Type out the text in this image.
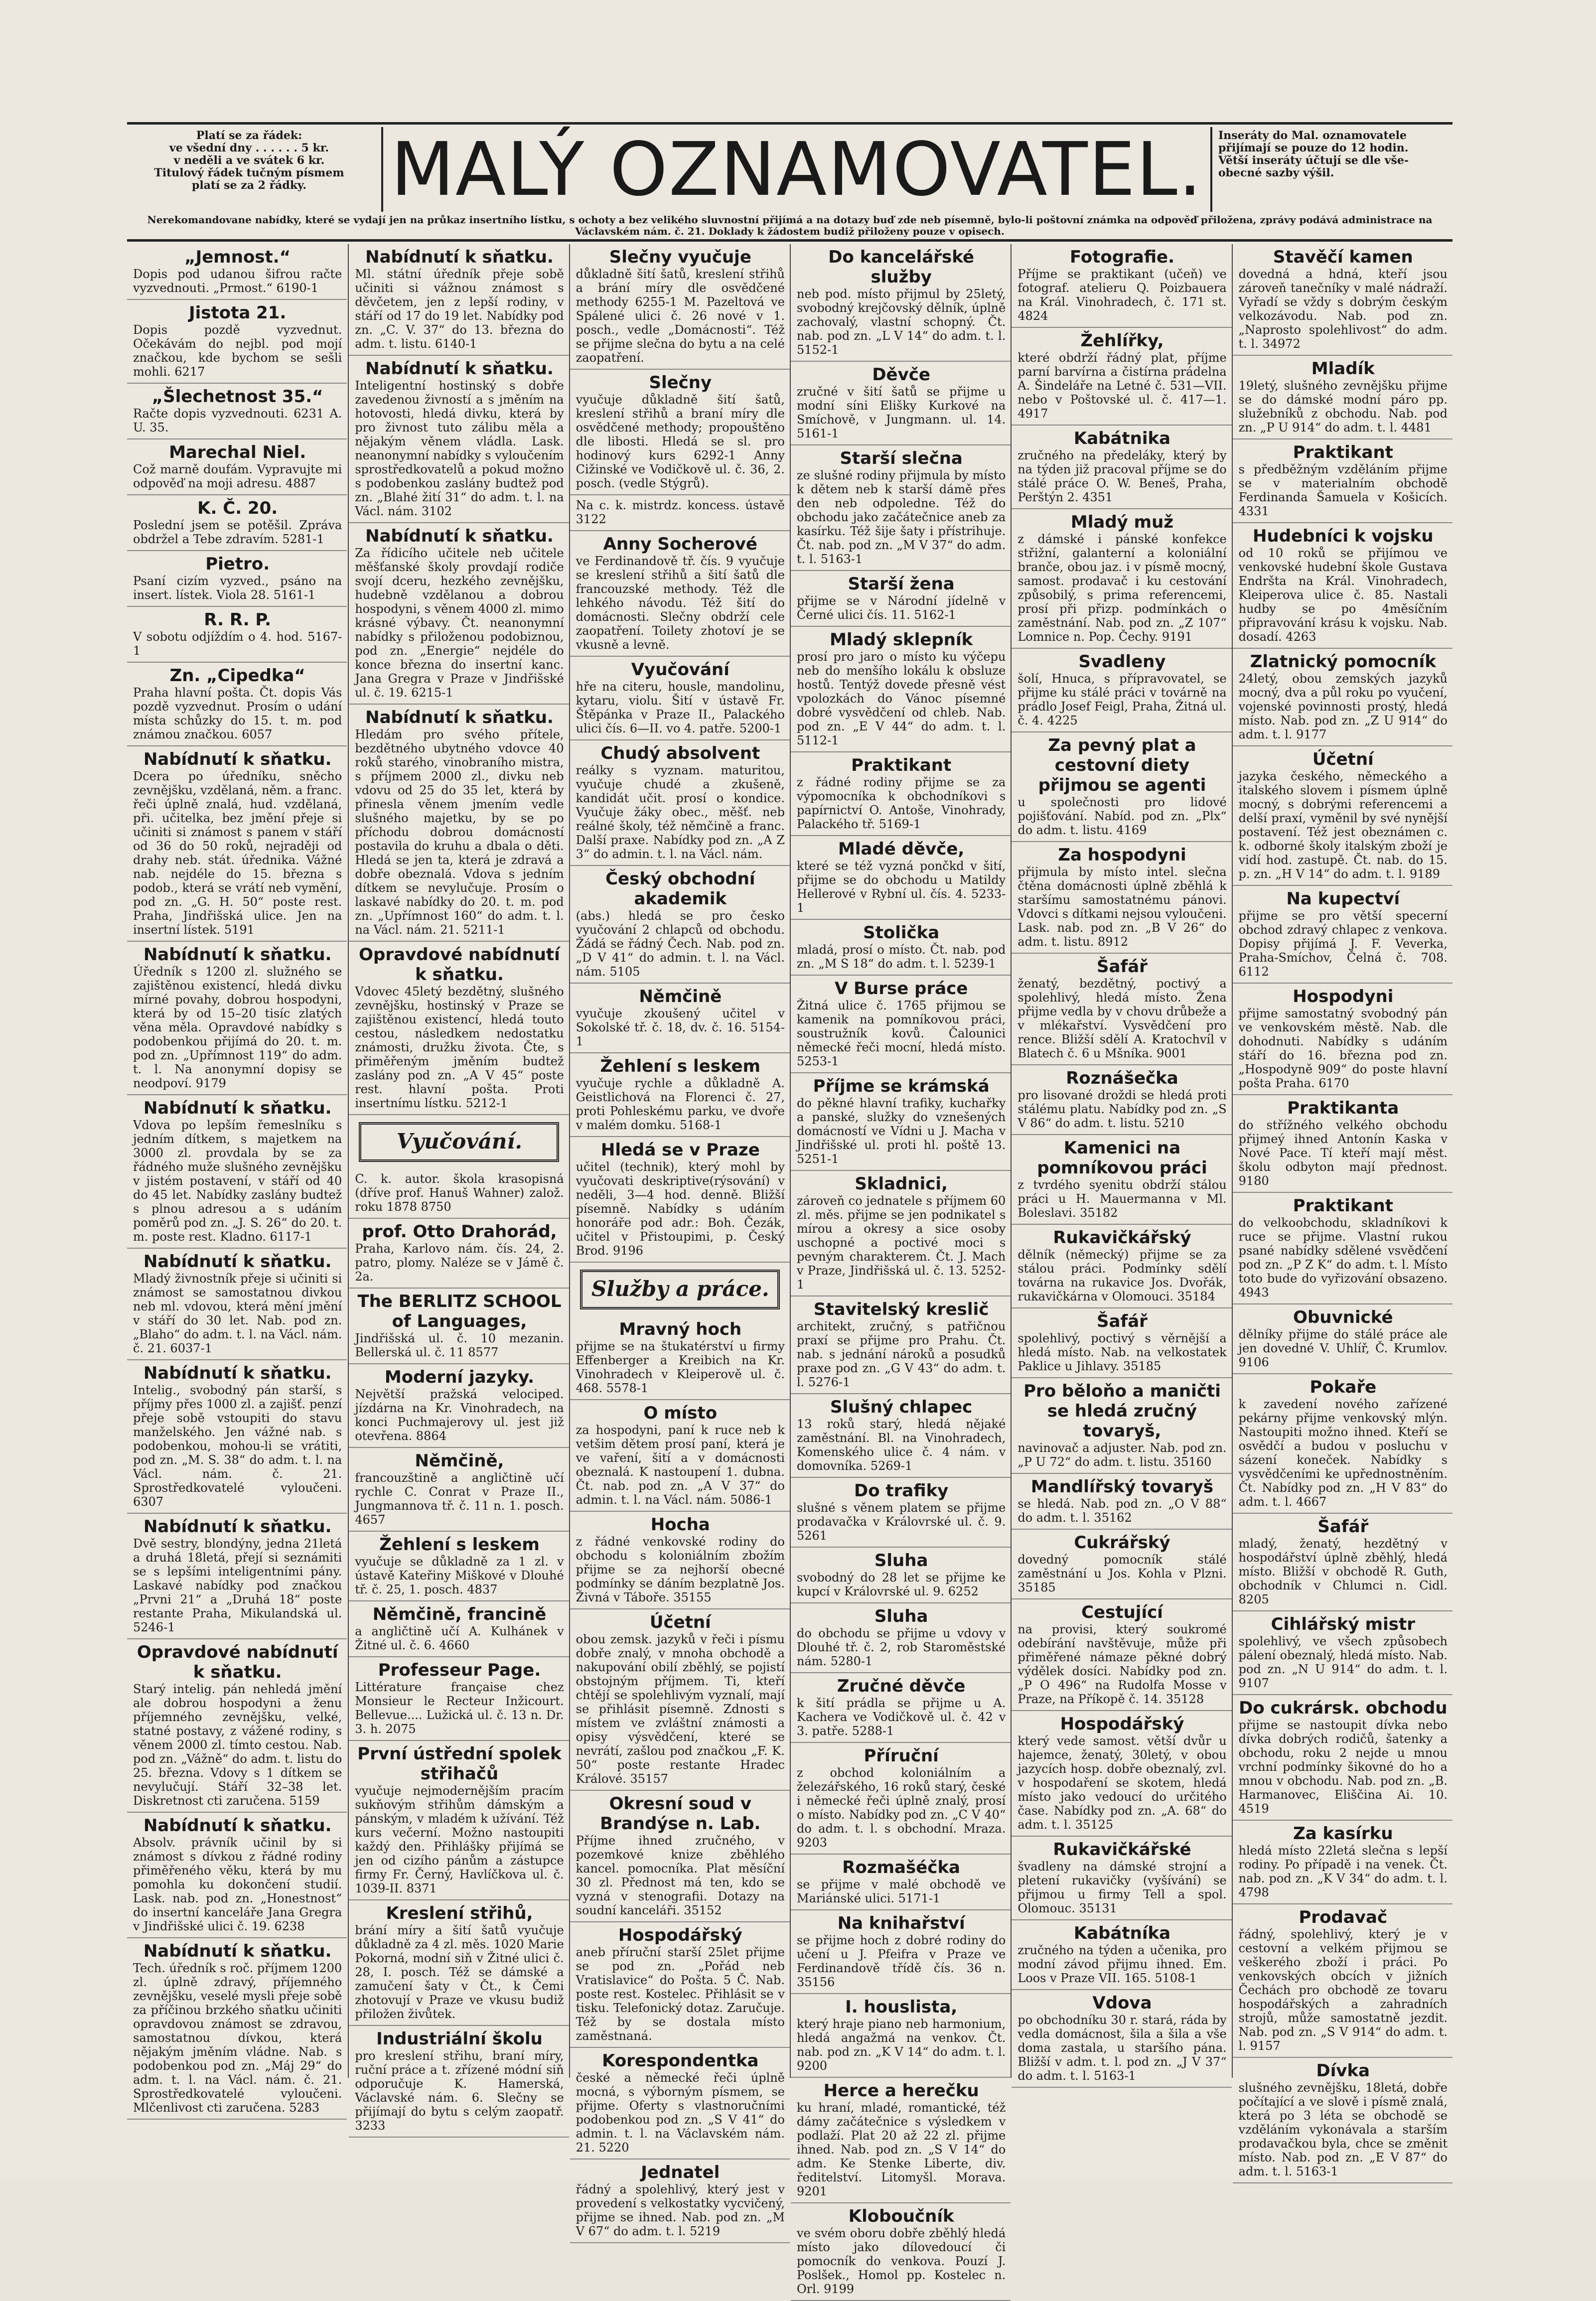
Platí se za řádek:
ve všední dny . . . . . . 5 kr.
v neděli a ve svátek 6 kr.
Titulový řádek tučným písmem
platí se za 2 řádky.	MALÝ OZNAMOVATEL.	Inseráty do Mal. oznamovatele
přijímají se pouze do 12 hodin.
Větší inseráty účtují se dle vše-
obecné sazby výšil.
Nerekomandovane nabídky, které se vydají jen na průkaz insertního lístku, s ochoty a bez velikého sluvnostní přijímá a na dotazy buď zde neb písemně, bylo-li poštovní známka na odpověď přiložena, zprávy podává administrace na Václavském nám. č. 21. Doklady k žádostem budiž přiloženy pouze v opisech.
„Jemnost.“
Dopis pod udanou šifrou račte vyzvednouti. „Prmost.“ 6190-1
Jistota 21.
Dopis pozdě vyzvednut. Očekávám do nejbl. pod mojí značkou, kde bychom se sešli mohli. 6217
„Šlechetnost 35.“
Račte dopis vyzvednouti. 6231 A. U. 35.
Marechal Niel.
Což marně doufám. Vypravujte mi odpověď na moji adresu. 4887
K. Č. 20.
Poslední jsem se potěšil. Zpráva obdržel a Tebe zdravím. 5281-1
Pietro.
Psaní cizím vyzved., psáno na insert. lístek. Viola 28. 5161-1
R. R. P.
V sobotu odjíždím o 4. hod. 5167-1
Zn. „Cipedka“
Praha hlavní pošta. Čt. dopis Vás pozdě vyzvednut. Prosím o udání místa schůzky do 15. t. m. pod známou značkou. 6057
Nabídnutí k sňatku.
Dcera po úředníku, sněcho zevnějšku, vzdělaná, něm. a franc. řeči úplně znalá, hud. vzdělaná, při. učitelka, bez jmění přeje si učiniti si známost s panem v stáří od 36 do 50 roků, nejraději od drahy neb. stát. úřednika. Vážné nab. nejdéle do 15. března s podob., která se vrátí neb vymění, pod zn. „G. H. 50“ poste rest. Praha, Jindřišská ulice. Jen na insertní lístek. 5191
Nabídnutí k sňatku.
Úředník s 1200 zl. služného se zajištěnou existencí, hledá divku mírné povahy, dobrou hospodyni, která by od 15–20 tisíc zlatých věna měla. Opravdové nabídky s podobenkou přijímá do 20. t. m. pod zn. „Upřímnost 119“ do adm. t. l. Na anonymní dopisy se neodpoví. 9179
Nabídnutí k sňatku.
Vdova po lepším řemeslníku s jedním dítkem, s majetkem na 3000 zl. provdala by se za řádného muže slušného zevnějšku v jistém postavení, v stáří od 40 do 45 let. Nabídky zaslány budtež s plnou adresou a s udáním poměrů pod zn. „J. S. 26“ do 20. t. m. poste rest. Kladno. 6117-1
Nabídnutí k sňatku.
Mladý živnostník přeje si učiniti si známost se samostatnou divkou neb ml. vdovou, která mění jmění v stáří do 30 let. Nab. pod zn. „Blaho“ do adm. t. l. na Václ. nám. č. 21. 6037-1
Nabídnutí k sňatku.
Intelig., svobodný pán starší, s příjmy přes 1000 zl. a zajišť. penzí přeje sobě vstoupiti do stavu manželského. Jen vážné nab. s podobenkou, mohou-li se vrátiti, pod zn. „M. S. 38“ do adm. t. l. na Václ. nám. č. 21. Sprostředkovatelé vyloučeni. 6307
Nabídnutí k sňatku.
Dvě sestry, blondýny, jedna 21letá a druhá 18letá, přejí si seznámiti se s lepšími inteligentními pány. Laskavé nabídky pod značkou „Prvni 21“ a „Druhá 18“ poste restante Praha, Mikulandská ul. 5246-1
Opravdové nabídnutí k sňatku.
Starý intelig. pán nehledá jmění ale dobrou hospodyni a ženu příjemného zevnějšku, velké, statné postavy, z vážené rodiny, s věnem 2000 zl. tímto cestou. Nab. pod zn. „Vážně“ do adm. t. listu do 25. března. Vdovy s 1 dítkem se nevylučují. Stáří 32–38 let. Diskretnost cti zaručena. 5159
Nabídnutí k sňatku.
Absolv. právník učinil by si známost s dívkou z řádné rodiny přiměřeného věku, která by mu pomohla ku dokončení studií. Lask. nab. pod zn. „Honestnost“ do insertní kanceláře Jana Gregra v Jindřišské ulici č. 19. 6238
Nabídnutí k sňatku.
Tech. úředník s roč. příjmem 1200 zl. úplně zdravý, příjemného zevnějšku, veselé mysli přeje sobě za příčinou brzkého sňatku učiniti opravdovou známost se zdravou, samostatnou dívkou, která nějakým jměním vládne. Nab. s podobenkou pod zn. „Máj 29“ do adm. t. l. na Václ. nám. č. 21. Sprostředkovatelé vyloučeni. Mlčenlivost cti zaručena. 5283
Nabídnutí k sňatku.
Ml. státní úředník přeje sobě učiniti si vážnou známost s děvčetem, jen z lepší rodiny, v stáří od 17 do 19 let. Nabídky pod zn. „C. V. 37“ do 13. března do adm. t. listu. 6140-1
Nabídnutí k sňatku.
Inteligentní hostinský s dobře zavedenou živností a s jměním na hotovosti, hledá divku, která by pro živnost tuto zálibu měla a nějakým věnem vládla. Lask. neanonymní nabídky s vyloučením sprostředkovatelů a pokud možno s podobenkou zaslány budtež pod zn. „Blahé žití 31“ do adm. t. l. na Václ. nám. 3102
Nabídnutí k sňatku.
Za řídicího učitele neb učitele měšťanské školy provdají rodiče svojí dceru, hezkého zevnějšku, hudebně vzdělanou a dobrou hospodyni, s věnem 4000 zl. mimo krásné výbavy. Čt. neanonymní nabídky s přiloženou podobiznou, pod zn. „Energie“ nejdéle do konce března do insertní kanc. Jana Gregra v Praze v Jindřišské ul. č. 19. 6215-1
Nabídnutí k sňatku.
Hledám pro svého přítele, bezdětného ubytného vdovce 40 roků starého, vinobraního mistra, s příjmem 2000 zl., divku neb vdovu od 25 do 35 let, která by přinesla věnem jmením vedle slušného majetku, by se po příchodu dobrou domácností postavila do kruhu a dbala o děti. Hledá se jen ta, která je zdravá a dobře obeznalá. Vdova s jedním dítkem se nevylučuje. Prosím o laskavé nabídky do 20. t. m. pod zn. „Upřímnost 160“ do adm. t. l. na Václ. nám. 21. 5211-1
Opravdové nabídnutí k sňatku.
Vdovec 45letý bezdětný, slušného zevnějšku, hostinský v Praze se zajištěnou existencí, hledá touto cestou, následkem nedostatku známosti, družku života. Čte, s přiměřeným jměním budtež zaslány pod zn. „A V 45“ poste rest. hlavní pošta. Proti insertnímu lístku. 5212-1
Vyučování.
C. k. autor. škola krasopisná (dříve prof. Hanuš Wahner) založ. roku 1878 8750
prof. Otto Drahorád,
Praha, Karlovo nám. čís. 24, 2. patro, plomy. Naléze se v Jámě č. 2a.
The BERLITZ SCHOOL of Languages,
Jindřišská ul. č. 10 mezanin. Bellerská ul. č. 11 8577
Moderní jazyky.
Největší pražská velociped. jízdárna na Kr. Vinohradech, na konci Puchmajerovy ul. jest již otevřena. 8864
Němčině,
francouzštině a angličtině učí rychle C. Conrat v Praze II., Jungmannova tř. č. 11 n. 1. posch. 4657
Žehlení s leskem
vyučuje se důkladně za 1 zl. v ústavě Kateřiny Miškové v Dlouhé tř. č. 25, 1. posch. 4837
Němčině, francině
a angličtině učí A. Kulhánek v Žitné ul. č. 6. 4660
Professeur Page.
Littérature française chez Monsieur le Recteur Inžicourt. Bellevue.... Lužická ul. č. 13 n. Dr. 3. h. 2075
První ústřední spolek střihačů
vyučuje nejmodernějším pracím sukňovým střihům dámským a pánským, v mladém k užívání. Též kurs večerní. Možno nastoupiti každý den. Přihlášky přijímá se jen od cizího pánům a zástupce firmy Fr. Černý, Havlíčkova ul. č. 1039-II. 8371
Kreslení střihů,
brání míry a šití šatů vyučuje důkladně za 4 zl. měs. 1020 Marie Pokorná, modní siň v Žitné ulici č. 28, I. posch. Též se dámské a zamučení šaty v Čt., k Čemi zhotovují v Praze ve vkusu budiž přiložen živůtek.
Industriální školu
pro kreslení střihu, braní míry, ruční práce a t. zřízené módní siň odporučuje K. Hamerská, Václavské nám. 6. Slečny se přijímají do bytu s celým zaopatř. 3233
Slečny vyučuje
důkladně šití šatů, kreslení střihů a brání míry dle osvědčené methody 6255-1 M. Pazeltová ve Spálené ulici č. 26 nové v 1. posch., vedle „Domácnosti“. Též se přijme slečna do bytu a na celé zaopatření.
Slečny
vyučuje důkladně šití šatů, kreslení střihů a braní míry dle osvědčené methody; propouštěno dle libosti. Hledá se sl. pro hodinový kurs 6292-1 Anny Cižinské ve Vodičkově ul. č. 36, 2. posch. (vedle Stýgrů).
Na c. k. mistrdz. koncess. ústavě 3122
Anny Socherové
ve Ferdinandově tř. čís. 9 vyučuje se kreslení střihů a šití šatů dle francouzské methody. Též dle lehkého návodu. Též šití do domácnosti. Slečny obdrží cele zaopatření. Toilety zhotoví je se vkusně a levně.
Vyučování
hře na citeru, housle, mandolinu, kytaru, violu. Šití v ústavě Fr. Štěpánka v Praze II., Palackého ulici čís. 6—II. vo 4. patře. 5200-1
Chudý absolvent
reálky s vyznam. maturitou, vyučuje chudé a zkušeně, kandidát učit. prosí o kondice. Vyučuje žáky obec., měšť. neb reálné školy, též němčině a franc. Další praxe. Nabídky pod zn. „A Z 3“ do admin. t. l. na Václ. nám.
Český obchodní akademik
(abs.) hledá se pro česko vyučování 2 chlapců od obchodu. Žádá se řádný Čech. Nab. pod zn. „D V 41“ do admin. t. l. na Václ. nám. 5105
Němčině
vyučuje zkoušený učitel v Sokolské tř. č. 18, dv. č. 16. 5154-1
Žehlení s leskem
vyučuje rychle a důkladně A. Geistlichová na Florenci č. 27, proti Pohleskému parku, ve dvoře v malém domku. 5168-1
Hledá se v Praze
učitel (technik), který mohl by vyučovati deskriptive(rýsování) v neděli, 3—4 hod. denně. Bližší písemně. Nabídky s udáním honoráře pod adr.: Boh. Čezák, učitel v Přistoupimi, p. Český Brod. 9196
Služby a práce.
Mravný hoch
přijme se na štukatérství u firmy Effenberger a Kreibich na Kr. Vinohradech v Kleiperově ul. č. 468. 5578-1
O místo
za hospodyni, paní k ruce neb k vetšim dětem prosí paní, která je ve vaření, šití a v domácnosti obeznalá. K nastoupení 1. dubna. Čt. nab. pod zn. „A V 37“ do admin. t. l. na Václ. nám. 5086-1
Hocha
z řádné venkovské rodiny do obchodu s koloniálním zbožím přijme se za nejhorší obecné podmínky se dáním bezplatně Jos. Živná v Táboře. 35155
Účetní
obou zemsk. jazyků v řeči i písmu dobře znalý, v mnoha obchodě a nakupování obilí zběhlý, se pojistí obstojným příjmem. Ti, kteří chtějí se spolehlivým vyznalí, mají se přihlásit písemně. Zdnosti s místem ve zvláštní známosti a opisy výsvědčení, které se nevrátí, zašlou pod značkou „F. K. 50“ poste restante Hradec Králové. 35157
Okresní soud v Brandýse n. Lab.
Příjme ihned zručného, v pozemkové knize zběhlého kancel. pomocníka. Plat měsíční 30 zl. Přednost má ten, kdo se vyzná v stenografii. Dotazy na soudní kanceláři. 35152
Hospodářský
aneb příruční starší 25let přijme se pod zn. „Pořád neb Vratislavice“ do Pošta. 5 Č. Nab. poste rest. Kostelec. Přihlásit se v tisku. Telefonický dotaz. Zaručuje. Též by se dostala místo zaměstnaná.
Korespondentka
české a německé řeči úplně mocná, s výborným písmem, se přijme. Oferty s vlastnoručními podobenkou pod zn. „S V 41“ do admin. t. l. na Václavském nám. 21. 5220
Jednatel
řádný a spolehlivý, který jest v provedení s velkostatky vycvičený, přijme se ihned. Nab. pod zn. „M V 67“ do adm. t. l. 5219
Do kancelářské služby
neb pod. místo přijmul by 25letý, svobodný krejčovský dělník, úplně zachovalý, vlastní schopný. Čt. nab. pod zn. „L V 14“ do adm. t. l. 5152-1
Děvče
zručné v šití šatů se přijme u modní síni Elišky Kurkové na Smíchově, v Jungmann. ul. 14. 5161-1
Starší slečna
ze slušné rodiny přijmula by místo k dětem neb k starší dámě přes den neb odpoledne. Též do obchodu jako začátečnice aneb za kasírku. Též šije šaty i přístrihuje. Čt. nab. pod zn. „M V 37“ do adm. t. l. 5163-1
Starší žena
přijme se v Národní jídelně v Černé ulici čís. 11. 5162-1
Mladý sklepník
prosí pro jaro o místo ku výčepu neb do menšího lokálu k obsluze hostů. Tentýž dovede přesně vést vpolozkách do Vánoc písemné dobré vysvědčení od chleb. Nab. pod zn. „E V 44“ do adm. t. l. 5112-1
Praktikant
z řádné rodiny přijme se za výpomocníka k obchodníkovi s papírnictví O. Antoše, Vinohrady, Palackého tř. 5169-1
Mladé děvče,
které se též vyzná pončkd v šití, přijme se do obchodu u Matildy Hellerové v Rybní ul. čís. 4. 5233-1
Stolička
mladá, prosí o místo. Čt. nab. pod zn. „M S 18“ do adm. t. l. 5239-1
V Burse práce
Žitná ulice č. 1765 přijmou se kamenik na pomníkovou práci, soustružník kovů. Čalounici německé řeči mocní, hledá místo. 5253-1
Příjme se krámská
do pěkné hlavní trafiky, kuchařky a panské, služky do vznešených domácností ve Vídni u J. Macha v Jindřišské ul. proti hl. poště 13. 5251-1
Skladnici,
zároveň co jednatele s příjmem 60 zl. měs. přijme se jen podnikatel s mírou a okresy a sice osoby uschopné a poctivé moci s pevným charakterem. Čt. J. Mach v Praze, Jindřišská ul. č. 13. 5252-1
Stavitelský kreslič
architekt, zručný, s patřičnou praxí se přijme pro Prahu. Čt. nab. s jednání nároků a posudků praxe pod zn. „G V 43“ do adm. t. l. 5276-1
Slušný chlapec
13 roků starý, hledá nějaké zaměstnání. Bl. na Vinohradech, Komenského ulice č. 4 nám. v domovníka. 5269-1
Do trafiky
slušné s věnem platem se přijme prodavačka v Královrské ul. č. 9. 5261
Sluha
svobodný do 28 let se přijme ke kupcí v Královrské ul. 9. 6252
Sluha
do obchodu se přijme u vdovy v Dlouhé tř. č. 2, rob Staroměstské nám. 5280-1
Zručné děvče
k šití prádla se přijme u A. Kachera ve Vodičkově ul. č. 42 v 3. patře. 5288-1
Příruční
z obchod koloniálním a železářského, 16 roků starý, české i německé řeči úplně znalý, prosí o místo. Nabídky pod zn. „C V 40“ do adm. t. l. s obchodní. Mraza. 9203
Rozmašéčka
se přijme v malé obchodě ve Mariánské ulici. 5171-1
Na knihařství
se přijme hoch z dobré rodiny do učení u J. Pfeifra v Praze ve Ferdinandově třídě čís. 36 n. 35156
I. houslista,
který hraje piano neb harmonium, hledá angažmá na venkov. Čt. nab. pod zn. „K V 14“ do adm. t. l. 9200
Herce a herečku
ku hraní, mladé, romantické, též dámy začátečnice s výsledkem v podlaží. Plat 20 až 22 zl. přijme ihned. Nab. pod zn. „S V 14“ do adm. Ke Stenke Liberte, div. ředitelství. Litomyšl. Morava. 9201
Kloboučník
ve svém oboru dobře zběhlý hledá místo jako dílovedoucí či pomocník do venkova. Pouzí J. Poslšek., Homol pp. Kostelec n. Orl. 9199
Fotografie.
Příjme se praktikant (učeň) ve fotograf. atelieru Q. Poizbauera na Král. Vinohradech, č. 171 st. 4824
Žehlířky,
které obdrží řádný plat, příjme parní barvírna a čistírna prádelna A. Šindeláře na Letné č. 531—VII. nebo v Poštovské ul. č. 417—1. 4917
Kabátnika
zručného na předeláky, který by na týden již pracoval příjme se do stálé práce O. W. Beneš, Praha, Perštýn 2. 4351
Mladý muž
z dámské i pánské konfekce střižní, galanterní a koloniální branče, obou jaz. i v písmě mocný, samost. prodavač i ku cestování způsobilý, s prima referencemi, prosí při přizp. podmínkách o zaměstnání. Nab. pod zn. „Z 107“ Lomnice n. Pop. Čechy. 9191
Svadleny
šolí, Hnuca, s přípravovatel, se přijme ku stálé práci v továrně na prádlo Josef Feigl, Praha, Žitná ul. č. 4. 4225
Za pevný plat a cestovní diety přijmou se agenti
u společnosti pro lidové pojišťování. Nabíd. pod zn. „Plx“ do adm. t. listu. 4169
Za hospodyni
přijmula by místo intel. slečna čtěna domácnosti úplně zběhlá k staršímu samostatnému pánovi. Vdovci s dítkami nejsou vyloučeni. Lask. nab. pod zn. „B V 26“ do adm. t. listu. 8912
Šafář
ženatý, bezdětný, poctivý a spolehlivý, hledá místo. Žena přijme vedla by v chovu drůbeže a v mlékařství. Vysvědčení pro rence. Bližší sdělí A. Kratochvíl v Blatech č. 6 u Mšníka. 9001
Roznášečka
pro lisované droždi se hledá proti stálému platu. Nabídky pod zn. „S V 86“ do adm. t. listu. 5210
Kamenici na pomníkovou práci
z tvrdého syenitu obdrží stálou práci u H. Mauermanna v Ml. Boleslavi. 35182
Rukavičkářský
dělník (německý) přijme se za stálou práci. Podmínky sdělí továrna na rukavice Jos. Dvořák, rukavičkárna v Olomouci. 35184
Šafář
spolehlivý, poctivý s věrnější a hledá místo. Nab. na velkostatek Paklice u Jihlavy. 35185
Pro běloňo a maničti se hledá zručný tovaryš,
navinovač a adjuster. Nab. pod zn. „P U 72“ do adm. t. listu. 35160
Mandlířský tovaryš
se hledá. Nab. pod zn. „O V 88“ do adm. t. l. 35162
Cukrářský
dovedný pomocník stálé zaměstnání u Jos. Kohla v Plzni. 35185
Cestující
na provisi, který soukromé odebírání navštěvuje, může při přiměřené námaze pěkné dobrý výdělek dosíci. Nabídky pod zn. „P O 496“ na Rudolfa Mosse v Praze, na Příkopě č. 14. 35128
Hospodářský
který vede samost. větší dvůr u hajemce, ženatý, 30letý, v obou jazycích hosp. dobře obeznalý, zvl. v hospodaření se skotem, hledá místo jako vedoucí do určitého čase. Nabídky pod zn. „A. 68“ do adm. t. l. 35125
Rukavičkářské
švadleny na dámské strojní a pletení rukavičky (vyšívání) se přijmou u firmy Tell a spol. Olomouc. 35131
Kabátníka
zručného na týden a učenika, pro modní závod přijmu ihned. Em. Loos v Praze VII. 165. 5108-1
Vdova
po obchodníku 30 r. stará, ráda by vedla domácnost, šila a šila a vše doma zastala, u staršího pána. Bližší v adm. t. l. pod zn. „J V 37“ do adm. t. l. 5163-1
Stavěčí kamen
dovedná a hdná, kteří jsou zároveň tanečníky v malé nádraží. Vyřadí se vždy s dobrým českým velkozávodu. Nab. pod zn. „Naprosto spolehlivost“ do adm. t. l. 34972
Mladík
19letý, slušného zevnějšku přijme se do dámské modní páro pp. služebníků z obchodu. Nab. pod zn. „P U 914“ do adm. t. l. 4481
Praktikant
s předběžným vzděláním přijme se v materialním obchodě Ferdinanda Šamuela v Košicích. 4331
Hudebníci k vojsku
od 10 roků se přijímou ve venkovské hudební škole Gustava Endršta na Král. Vinohradech, Kleiperova ulice č. 85. Nastali hudby se po 4měsíčním připravování krásu k vojsku. Nab. dosadí. 4263
Zlatnický pomocník
24letý, obou zemských jazyků mocný, dva a půl roku po vyučení, vojenské povinnosti prostý, hledá místo. Nab. pod zn. „Z U 914“ do adm. t. l. 9177
Účetní
jazyka českého, německého a italského slovem i písmem úplně mocný, s dobrými referencemi a delší praxí, vyměnil by své nynější postavení. Též jest obeznámen c. k. odborné školy italským zboží je vidí hod. zastupě. Čt. nab. do 15. p. zn. „H V 14“ do adm. t. l. 9189
Na kupectví
přijme se pro větší specerní obchod zdravý chlapec z venkova. Dopisy přijímá J. F. Veverka, Praha-Smíchov, Čelná č. 708. 6112
Hospodyni
přijme samostatný svobodný pán ve venkovském městě. Nab. dle dohodnuti. Nabídky s udáním stáří do 16. března pod zn. „Hospodyně 909“ do poste hlavní pošta Praha. 6170
Praktikanta
do střížného velkého obchodu přijmeý ihned Antonín Kaska v Nové Pace. Tí kteří mají měst. školu odbyton mají přednost. 9180
Praktikant
do velkoobchodu, skladníkovi k ruce se přijme. Vlastní rukou psané nabídky sdělené vsvědčení pod zn. „P Z K“ do adm. t. l. Místo toto bude do vyřizování obsazeno. 4943
Obuvnické
dělníky přijme do stálé práce ale jen dovedné V. Uhlíř, Č. Krumlov. 9106
Pokaře
k zavedení nového zařízené pekárny přijme venkovský mlýn. Nastoupiti možno ihned. Kteří se osvědčí a budou v posluchu v sázení koneček. Nabídky s vysvědčeními ke upřednostněním. Čt. Nabídky pod zn. „H V 83“ do adm. t. l. 4667
Šafář
mladý, ženatý, hezdětný v hospodářství úplně zběhlý, hledá místo. Bližší v obchodě R. Guth, obchodník v Chlumci n. Cidl. 8205
Cihlářský mistr
spolehlivý, ve všech způsobech pálení obeznalý, hledá místo. Nab. pod zn. „N U 914“ do adm. t. l. 9107
Do cukrársk. obchodu
přijme se nastoupit dívka nebo dívka dobrých rodičů, šatenky a obchodu, roku 2 nejde u mnou vrchní podmínky šikovné do ho a mnou v obchodu. Nab. pod zn. „B. Harmanovec, Eliščina Ai. 10. 4519
Za kasírku
hledá místo 22letá slečna s lepší rodiny. Po případě i na venek. Čt. nab. pod zn. „K V 34“ do adm. t. l. 4798
Prodavač
řádný, spolehlivý, který je v cestovní a velkém přijmou se veškerého zboží i práci. Po venkovských obcích v jižních Čechách pro obchodě ze tovaru hospodářských a zahradních strojů, může samostatně jezdit. Nab. pod zn. „S V 914“ do adm. t. l. 9157
Dívka
slušného zevnějšku, 18letá, dobře počítající a ve slově i písmě znalá, která po 3 léta se obchodě se vzděláním vykonávala a starším prodavačkou byla, chce se změnit místo. Nab. pod zn. „E V 87“ do adm. t. l. 5163-1
